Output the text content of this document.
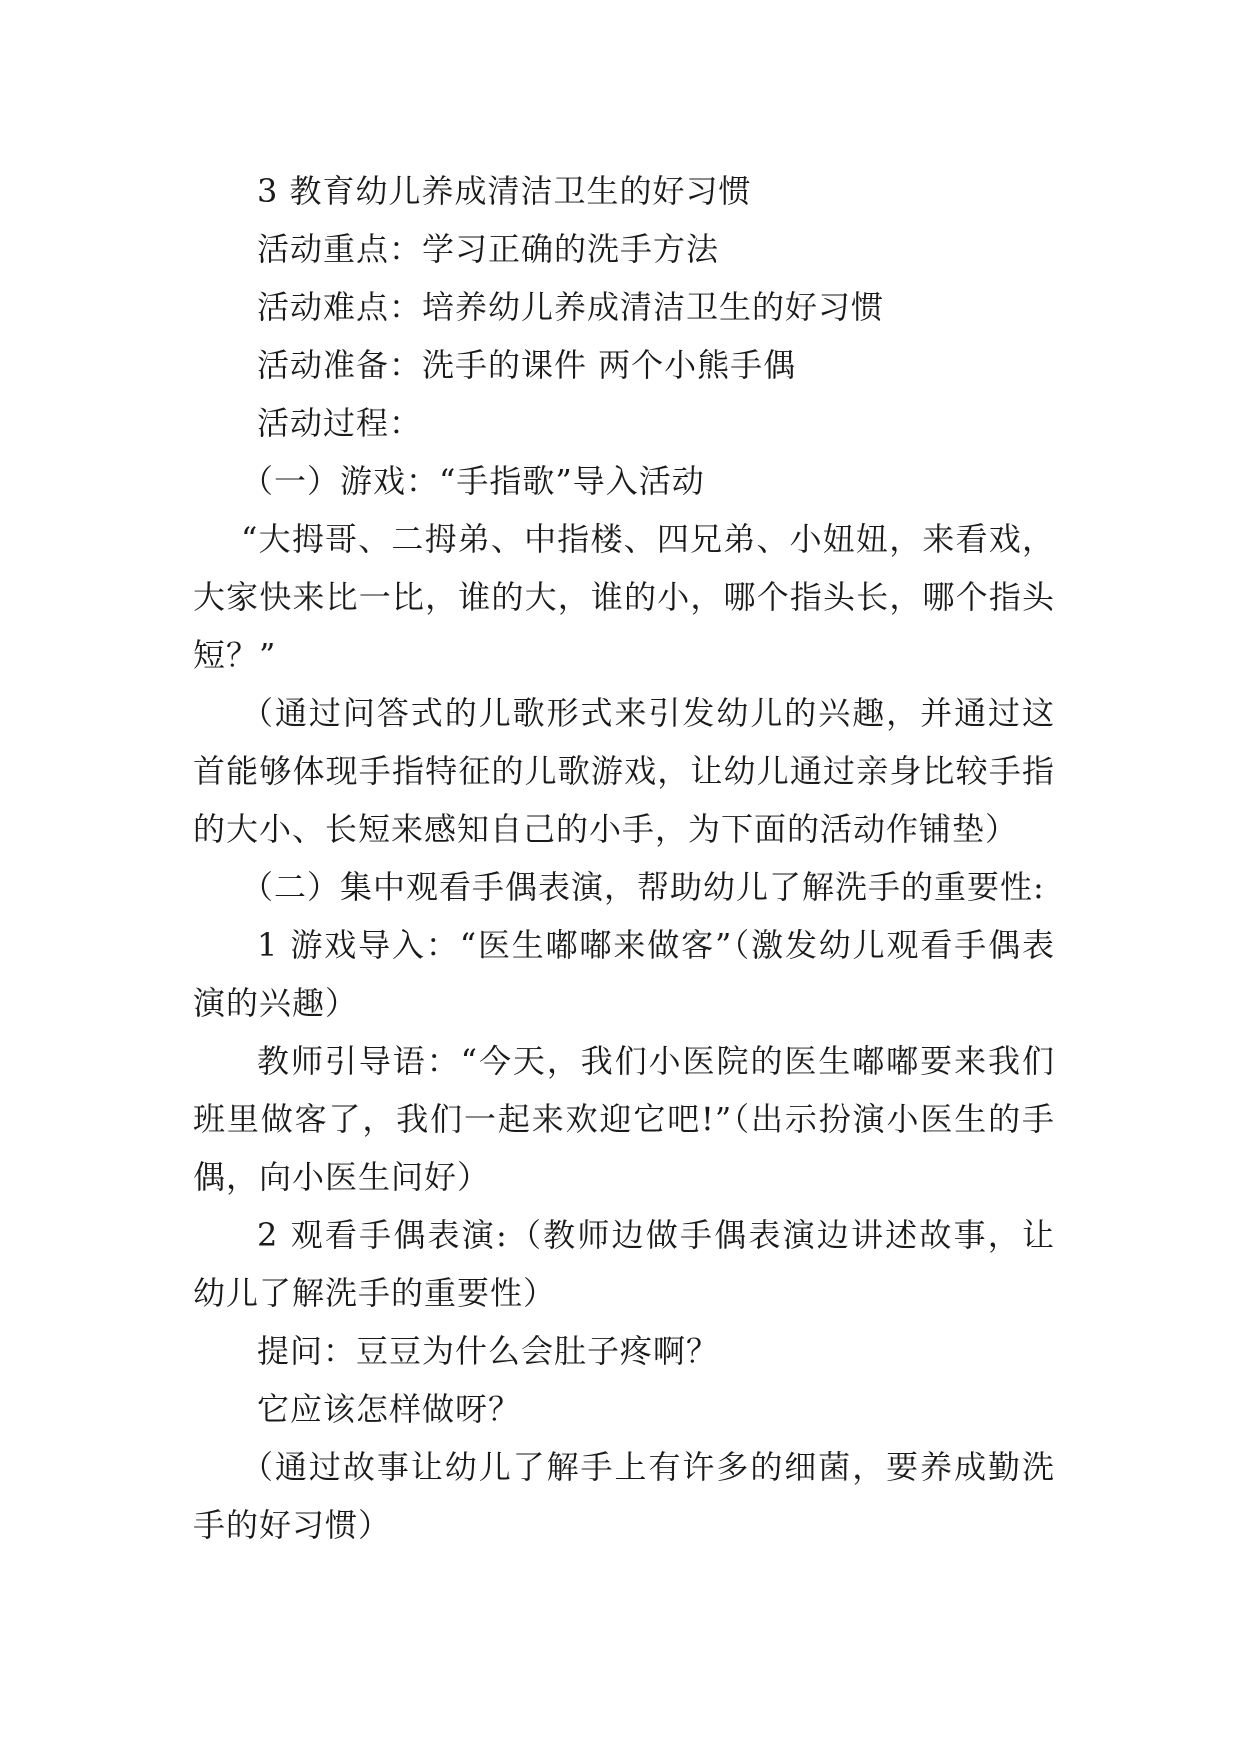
3 教育幼儿养成清洁卫生的好习惯

活动重点：学习正确的洗手方法

活动难点：培养幼儿养成清洁卫生的好习惯

活动准备：洗手的课件 两个小熊手偶

活动过程：

（一）游戏：“手指歌”导入活动

“大拇哥、二拇弟、中指楼、四兄弟、小妞妞，来看戏，大家快来比一比，谁的大，谁的小，哪个指头长，哪个指头短？”

（通过问答式的儿歌形式来引发幼儿的兴趣，并通过这首能够体现手指特征的儿歌游戏，让幼儿通过亲身比较手指的大小、长短来感知自己的小手，为下面的活动作铺垫）

（二）集中观看手偶表演，帮助幼儿了解洗手的重要性:

1 游戏导入：“医生嘟嘟来做客”（激发幼儿观看手偶表演的兴趣）

教师引导语：“今天，我们小医院的医生嘟嘟要来我们班里做客了，我们一起来欢迎它吧!”（出示扮演小医生的手偶，向小医生问好）

2 观看手偶表演:（教师边做手偶表演边讲述故事，让幼儿了解洗手的重要性）

提问：豆豆为什么会肚子疼啊？

它应该怎样做呀？

（通过故事让幼儿了解手上有许多的细菌，要养成勤洗手的好习惯）
